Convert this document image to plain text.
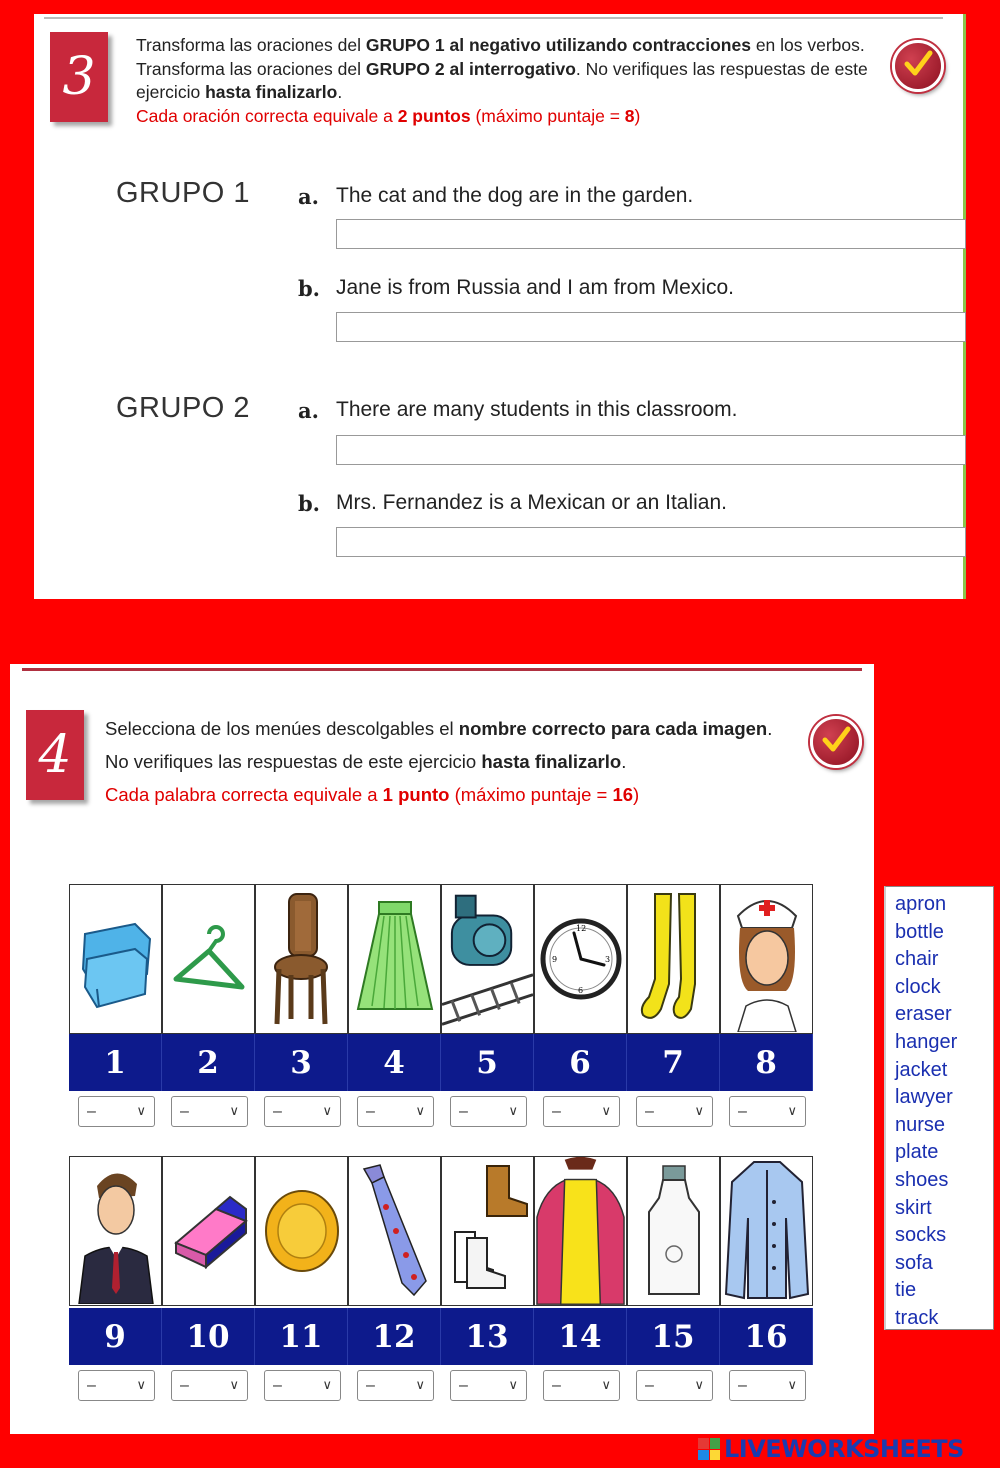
3
Transforma las oraciones del GRUPO 1 al negativo utilizando contracciones en los verbos. Transforma las oraciones del GRUPO 2 al interrogativo. No verifiques las respuestas de este ejercicio hasta finalizarlo.
Cada oración correcta equivale a 2 puntos (máximo puntaje = 8)
GRUPO 1 a. The cat and the dog are in the garden.
b. Jane is from Russia and I am from Mexico.
GRUPO 2 a. There are many students in this classroom.
b. Mrs. Fernandez is a Mexican or an Italian.
4	Selecciona de los menúes descolgables el nombre correcto para cada imagen.
No verifiques las respuestas de este ejercicio hasta finalizarlo.
Cada palabra correcta equivale a 1 punto (máximo puntaje = 16)
12
3
6
9
1	2	3	4	5	6	7	8
–	∨ –	∨ –	∨ –	∨ –	∨ –	∨ –	∨ –	∨
9	10	11	12	13	14	15	16
–	∨ –	∨ –	∨ –	∨ –	∨ –	∨ –	∨ –	∨
apron
bottle
chair
clock
eraser
hanger
jacket
lawyer
nurse
plate
shoes
skirt
socks
sofa
tie
track
LIVEWORKSHEETS
